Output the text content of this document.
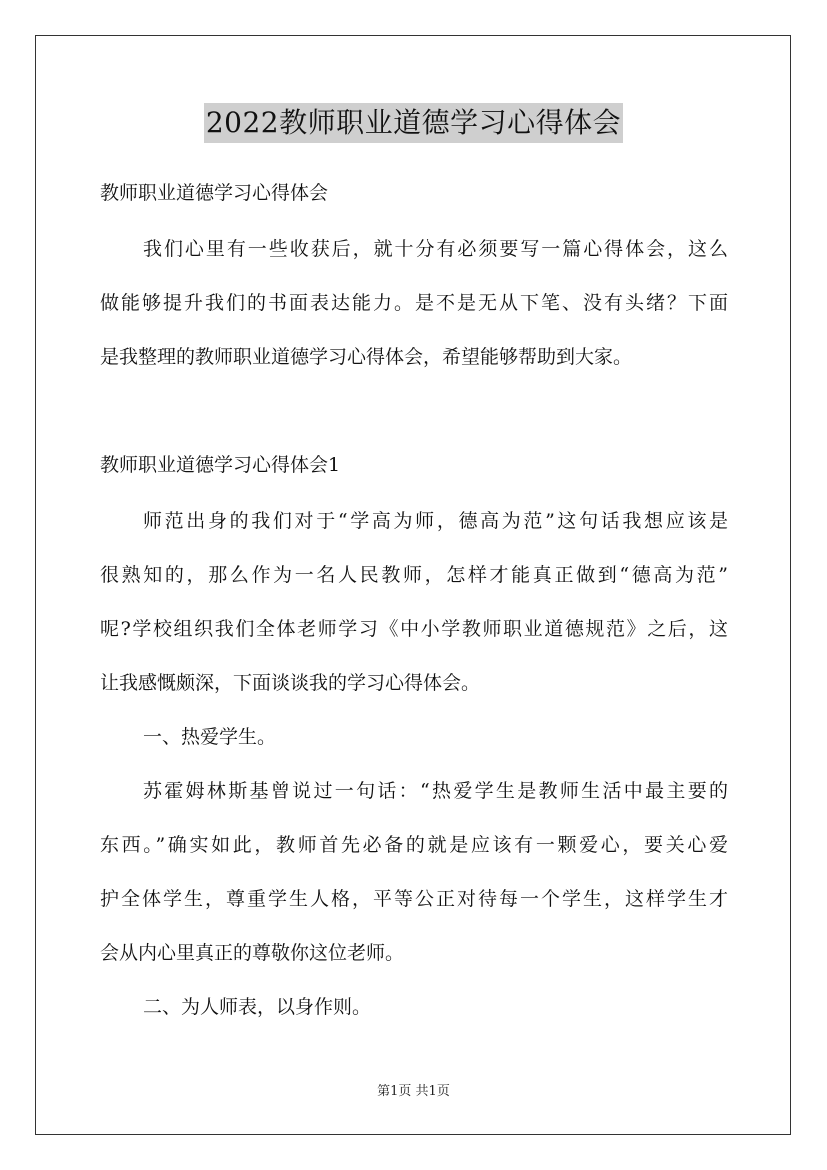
2022教师职业道德学习心得体会
教师职业道德学习心得体会
我们心里有一些收获后，就十分有必须要写一篇心得体会，这么
做能够提升我们的书面表达能力。是不是无从下笔、没有头绪？下面
是我整理的教师职业道德学习心得体会，希望能够帮助到大家。
教师职业道德学习心得体会1
师范出身的我们对于“学高为师，德高为范”这句话我想应该是
很熟知的，那么作为一名人民教师，怎样才能真正做到“德高为范”
呢?学校组织我们全体老师学习《中小学教师职业道德规范》之后，这
让我感慨颇深，下面谈谈我的学习心得体会。
一、热爱学生。
苏霍姆林斯基曾说过一句话：“热爱学生是教师生活中最主要的
东西。”确实如此，教师首先必备的就是应该有一颗爱心，要关心爱
护全体学生，尊重学生人格，平等公正对待每一个学生，这样学生才
会从内心里真正的尊敬你这位老师。
二、为人师表，以身作则。
第1页 共1页
